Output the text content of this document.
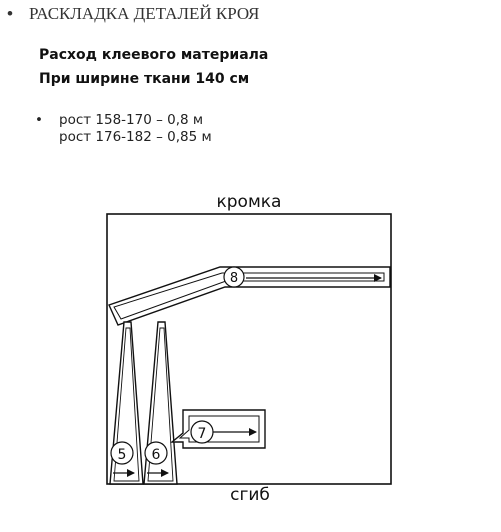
• РАСКЛАДКА ДЕТАЛЕЙ КРОЯ
Расход клеевого материала
При ширине ткани 140 см
• рост 158-170 – 0,8 м
рост 176-182 – 0,85 м
кромка
8
5 6
7
сгиб
